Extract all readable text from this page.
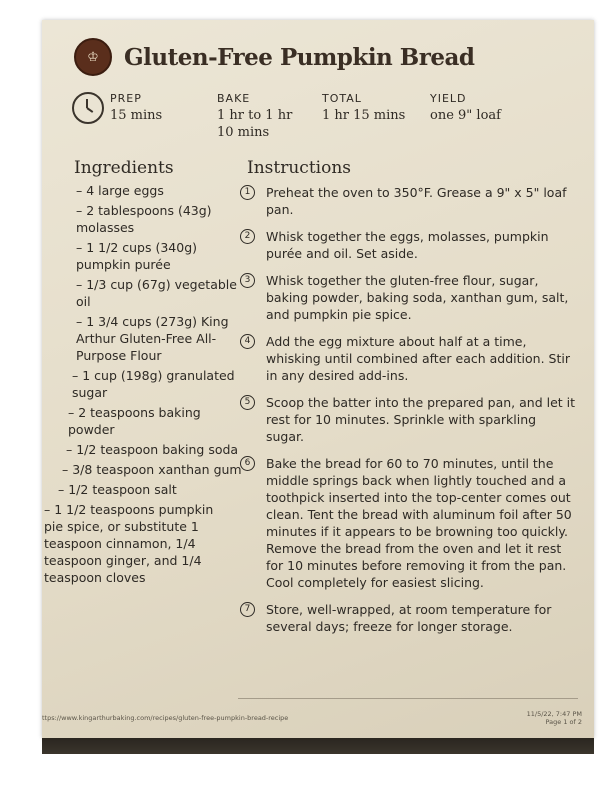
♔	Gluten-Free Pumpkin Bread
PREP
15 mins
BAKE
1 hr to 1 hr 10 mins
TOTAL
1 hr 15 mins
YIELD
one 9" loaf
Ingredients	Instructions
– 4 large eggs
– 2 tablespoons (43g) molasses
– 1 1/2 cups (340g) pumpkin purée
– 1/3 cup (67g) vegetable oil
– 1 3/4 cups (273g) King Arthur Gluten-Free All-Purpose Flour
– 1 cup (198g) granulated sugar
– 2 teaspoons baking powder
– 1/2 teaspoon baking soda
– 3/8 teaspoon xanthan gum
– 1/2 teaspoon salt
– 1 1/2 teaspoons pumpkin pie spice, or substitute 1 teaspoon cinnamon, 1/4 teaspoon ginger, and 1/4 teaspoon cloves
1	Preheat the oven to 350°F. Grease a 9" x 5" loaf pan.
2	Whisk together the eggs, molasses, pumpkin purée and oil. Set aside.
3	Whisk together the gluten-free flour, sugar, baking powder, baking soda, xanthan gum, salt, and pumpkin pie spice.
4	Add the egg mixture about half at a time, whisking until combined after each addition. Stir in any desired add-ins.
5	Scoop the batter into the prepared pan, and let it rest for 10 minutes. Sprinkle with sparkling sugar.
6	Bake the bread for 60 to 70 minutes, until the middle springs back when lightly touched and a toothpick inserted into the top-center comes out clean. Tent the bread with aluminum foil after 50 minutes if it appears to be browning too quickly. Remove the bread from the oven and let it rest for 10 minutes before removing it from the pan. Cool completely for easiest slicing.
7	Store, well-wrapped, at room temperature for several days; freeze for longer storage.
ttps://www.kingarthurbaking.com/recipes/gluten-free-pumpkin-bread-recipe	11/5/22, 7:47 PM
Page 1 of 2
